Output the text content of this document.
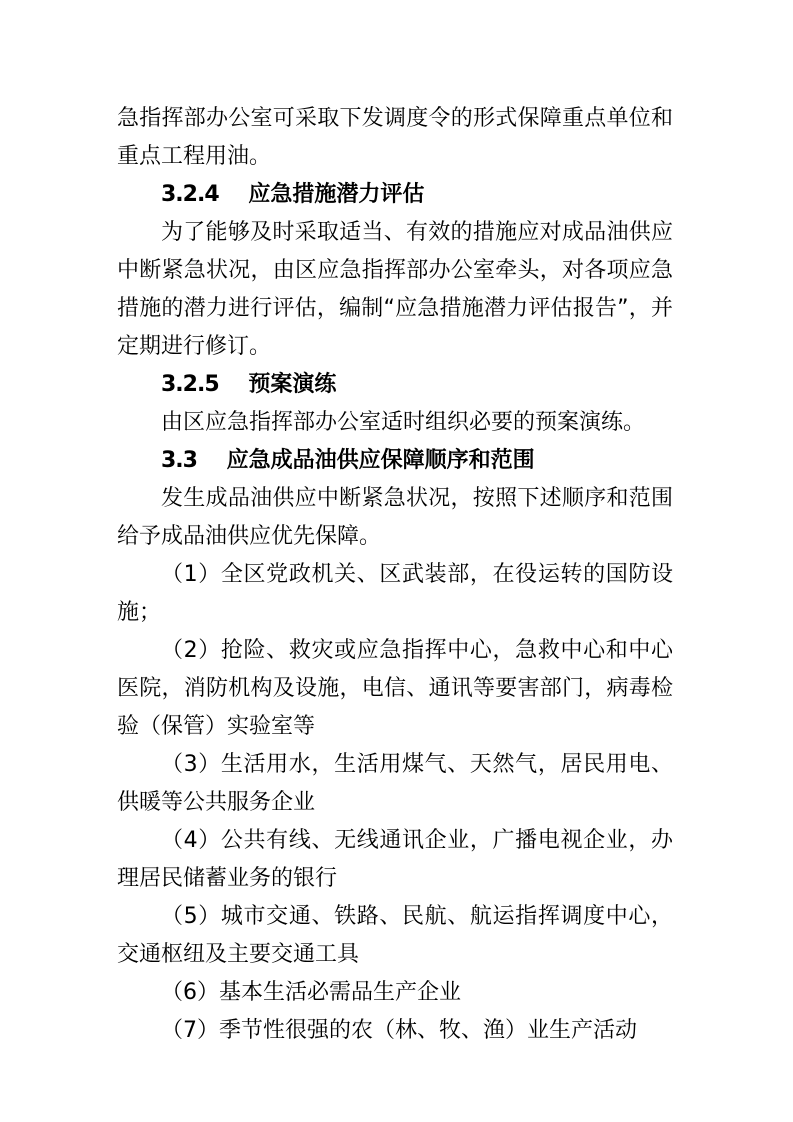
急指挥部办公室可采取下发调度令的形式保障重点单位和重点工程用油。

3.2.4 应急措施潜力评估

为了能够及时采取适当、有效的措施应对成品油供应中断紧急状况，由区应急指挥部办公室牵头，对各项应急措施的潜力进行评估，编制“应急措施潜力评估报告”，并定期进行修订。

3.2.5 预案演练

由区应急指挥部办公室适时组织必要的预案演练。

3.3 应急成品油供应保障顺序和范围

发生成品油供应中断紧急状况，按照下述顺序和范围给予成品油供应优先保障。

（1）全区党政机关、区武装部，在役运转的国防设施；

（2）抢险、救灾或应急指挥中心，急救中心和中心医院，消防机构及设施，电信、通讯等要害部门，病毒检验（保管）实验室等

（3）生活用水，生活用煤气、天然气，居民用电、供暖等公共服务企业

（4）公共有线、无线通讯企业，广播电视企业，办理居民储蓄业务的银行

（5）城市交通、铁路、民航、航运指挥调度中心，交通枢纽及主要交通工具

（6）基本生活必需品生产企业

（7）季节性很强的农（林、牧、渔）业生产活动
